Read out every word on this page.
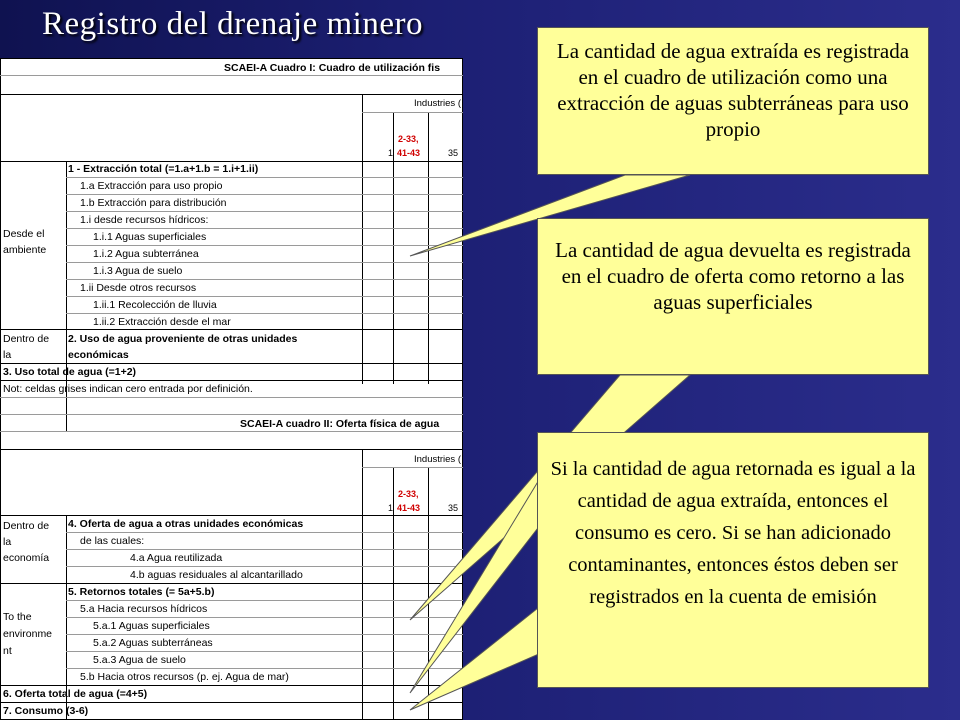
Registro del drenaje minero
SCAEI-A Cuadro I: Cuadro de utilización fis
Industries (
2-33,
41-43
1	35
Desde el
ambiente
1 - Extracción total (=1.a+1.b = 1.i+1.ii)
1.a Extracción para uso propio
1.b Extracción para distribución
1.i desde recursos hídricos:
1.i.1 Aguas superficiales
1.i.2 Agua subterránea
1.i.3 Agua de suelo
1.ii Desde otros recursos
1.ii.1 Recolección de lluvia
1.ii.2 Extracción desde el mar
Dentro de
la
2. Uso de agua proveniente de otras unidades
económicas
3. Uso total de agua (=1+2)
Not: celdas grises indican cero entrada por definición.
SCAEI-A cuadro II: Oferta física de agua
Industries (
2-33,
41-43
1	35
Dentro de
la
economía
4. Oferta de agua a otras unidades económicas
de las cuales:
4.a Agua reutilizada
4.b aguas residuales al alcantarillado
To the
environme
nt
5. Retornos totales (= 5a+5.b)
5.a Hacia recursos hídricos
5.a.1 Aguas superficiales
5.a.2 Aguas subterráneas
5.a.3 Agua de suelo
5.b Hacia otros recursos (p. ej. Agua de mar)
6. Oferta total de agua (=4+5)
7. Consumo (3-6)
La cantidad de agua extraída es registrada en el cuadro de utilización como una extracción de aguas subterráneas para uso propio
La cantidad de agua devuelta es registrada en el cuadro de oferta como retorno a las aguas superficiales
Si la cantidad de agua retornada es igual a la cantidad de agua extraída, entonces el consumo es cero. Si se han adicionado contaminantes, entonces éstos deben ser registrados en la cuenta de emisión
